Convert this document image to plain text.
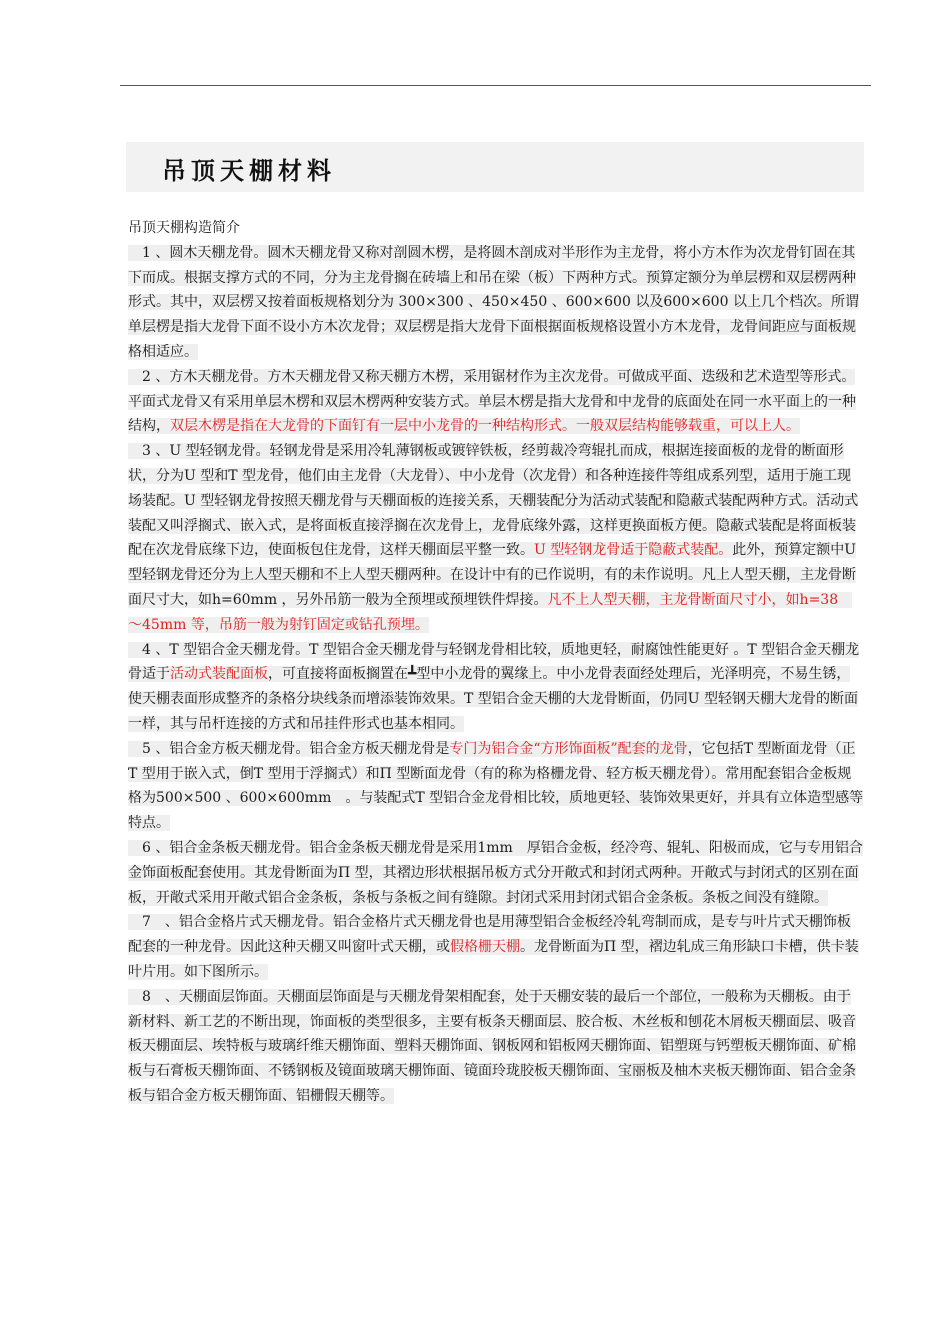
吊顶天棚材料

吊顶天棚构造简介

　1 、圆木天棚龙骨。圆木天棚龙骨又称对剖圆木楞，是将圆木剖成对半形作为主龙骨，将小方木作为次龙骨钉固在其下而成。根据支撑方式的不同，分为主龙骨搁在砖墙上和吊在梁（板）下两种方式。预算定额分为单层楞和双层楞两种形式。其中，双层楞又按着面板规格划分为 300×300 、450×450 、600×600 以及600×600 以上几个档次。所谓单层楞是指大龙骨下面不设小方木次龙骨；双层楞是指大龙骨下面根据面板规格设置小方木龙骨，龙骨间距应与面板规格相适应。

　2 、方木天棚龙骨。方木天棚龙骨又称天棚方木楞，采用锯材作为主次龙骨。可做成平面、迭级和艺术造型等形式。平面式龙骨又有采用单层木楞和双层木楞两种安装方式。单层木楞是指大龙骨和中龙骨的底面处在同一水平面上的一种结构，双层木楞是指在大龙骨的下面钉有一层中小龙骨的一种结构形式。一般双层结构能够载重，可以上人。

　3 、U 型轻钢龙骨。轻钢龙骨是采用冷轧薄钢板或镀锌铁板，经剪裁冷弯辊扎而成，根据连接面板的龙骨的断面形状，分为U 型和T 型龙骨，他们由主龙骨（大龙骨）、中小龙骨（次龙骨）和各种连接件等组成系列型，适用于施工现场装配。U 型轻钢龙骨按照天棚龙骨与天棚面板的连接关系，天棚装配分为活动式装配和隐蔽式装配两种方式。活动式装配又叫浮搁式、嵌入式，是将面板直接浮搁在次龙骨上，龙骨底缘外露，这样更换面板方便。隐蔽式装配是将面板装配在次龙骨底缘下边，使面板包住龙骨，这样天棚面层平整一致。U 型轻钢龙骨适于隐蔽式装配。此外，预算定额中U 型轻钢龙骨还分为上人型天棚和不上人型天棚两种。在设计中有的已作说明，有的未作说明。凡上人型天棚，主龙骨断面尺寸大，如h=60mm ，另外吊筋一般为全预埋或预埋铁件焊接。凡不上人型天棚，主龙骨断面尺寸小，如h=38　～45mm 等，吊筋一般为射钉固定或钻孔预埋。

　4 、T 型铝合金天棚龙骨。T 型铝合金天棚龙骨与轻钢龙骨相比较，质地更轻，耐腐蚀性能更好 。T 型铝合金天棚龙骨适于活动式装配面板，可直接将面板搁置在┻型中小龙骨的翼缘上。中小龙骨表面经处理后，光泽明亮，不易生锈，使天棚表面形成整齐的条格分块线条而增添装饰效果。T 型铝合金天棚的大龙骨断面，仍同U 型轻钢天棚大龙骨的断面一样，其与吊杆连接的方式和吊挂件形式也基本相同。

　5 、铝合金方板天棚龙骨。铝合金方板天棚龙骨是专门为铝合金“方形饰面板”配套的龙骨，它包括T 型断面龙骨（正T 型用于嵌入式，倒T 型用于浮搁式）和Π 型断面龙骨（有的称为格栅龙骨、轻方板天棚龙骨）。常用配套铝合金板规格为500×500 、600×600mm　。与装配式T 型铝合金龙骨相比较，质地更轻、装饰效果更好，并具有立体造型感等特点。

　6 、铝合金条板天棚龙骨。铝合金条板天棚龙骨是采用1mm　厚铝合金板，经冷弯、辊轧、阳极而成，它与专用铝合金饰面板配套使用。其龙骨断面为Π 型，其褶边形状根据吊板方式分开敞式和封闭式两种。开敞式与封闭式的区别在面板，开敞式采用开敞式铝合金条板，条板与条板之间有缝隙。封闭式采用封闭式铝合金条板。条板之间没有缝隙。

　7　、铝合金格片式天棚龙骨。铝合金格片式天棚龙骨也是用薄型铝合金板经冷轧弯制而成，是专与叶片式天棚饰板配套的一种龙骨。因此这种天棚又叫窗叶式天棚，或假格栅天棚。龙骨断面为Π 型，褶边轧成三角形缺口卡槽，供卡装叶片用。如下图所示。

　8　、天棚面层饰面。天棚面层饰面是与天棚龙骨架相配套，处于天棚安装的最后一个部位，一般称为天棚板。由于新材料、新工艺的不断出现，饰面板的类型很多，主要有板条天棚面层、胶合板、木丝板和刨花木屑板天棚面层、吸音板天棚面层、埃特板与玻璃纤维天棚饰面、塑料天棚饰面、钢板网和铝板网天棚饰面、铝塑斑与钙塑板天棚饰面、矿棉板与石膏板天棚饰面、不锈钢板及镜面玻璃天棚饰面、镜面玲珑胶板天棚饰面、宝丽板及柚木夹板天棚饰面、铝合金条板与铝合金方板天棚饰面、铝栅假天棚等。
